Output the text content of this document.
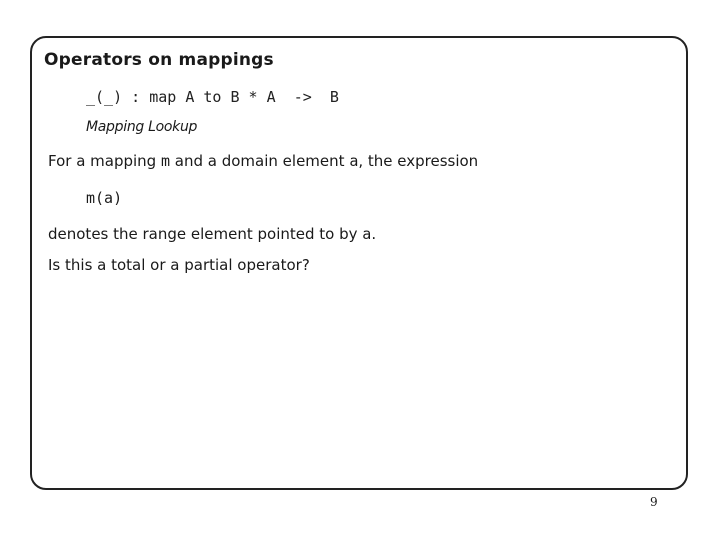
Operators on mappings
_(_) : map A to B * A  ->  B
Mapping Lookup
For a mapping m and a domain element a, the expression
m(a)
denotes the range element pointed to by a.
Is this a total or a partial operator?
9
